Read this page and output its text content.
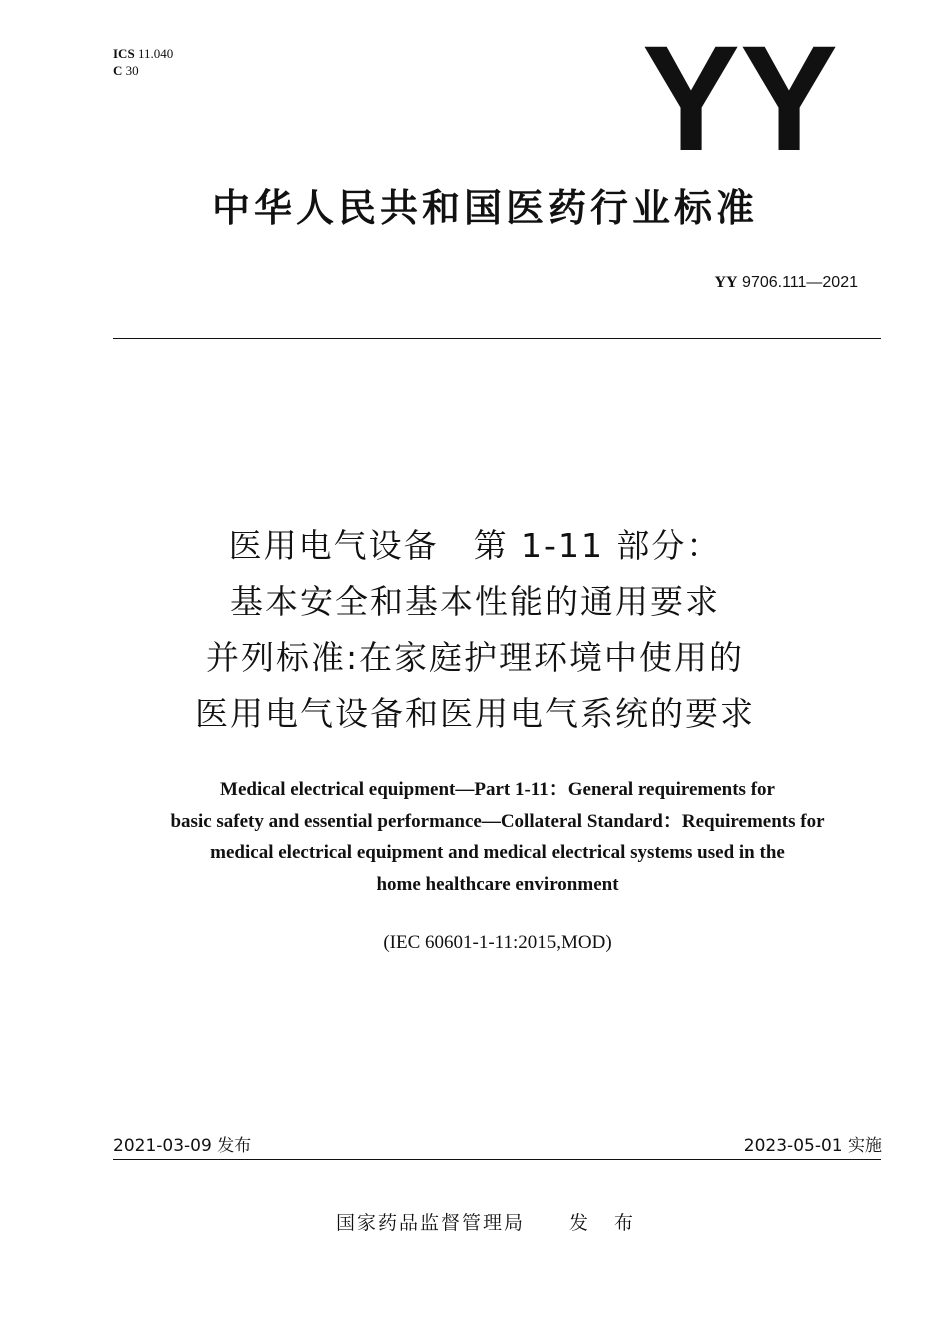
ICS 11.040
C 30	YY
中华人民共和国医药行业标准
YY 9706.111—2021
医用电气设备　第 1-11 部分：
基本安全和基本性能的通用要求
并列标准:在家庭护理环境中使用的
医用电气设备和医用电气系统的要求
Medical electrical equipment—Part 1-11：General requirements for
basic safety and essential performance—Collateral Standard：Requirements for
medical electrical equipment and medical electrical systems used in the
home healthcare environment
(IEC 60601-1-11:2015,MOD)
2021-03-09 发布	2023-05-01 实施
国家药品监督管理局 发 布
